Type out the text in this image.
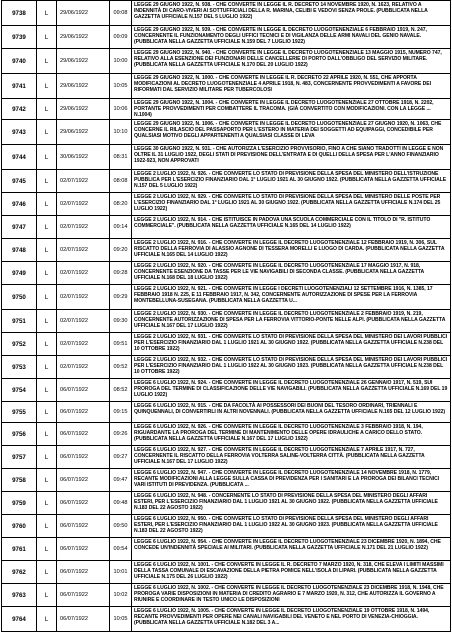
9738	L 29/06/1922	09:08
LEGGE 29 GIUGNO 1922, N. 938. - CHE CONVERTE IN LEGGE IL R. DECRETO 14 NOVEMBRE 1920, N. 1623, RELATIVO A INDENNITÀ DI CARO-VIVERI AI SOTTUFFICIALI DELLA R. MARINA, CELIBI E VEDOVI SENZA PROLE. (PUBBLICATA NELLA GAZZETTA UFFICIALE N.157 DEL 5 LUGLIO 1922)
9739	L 29/06/1922	09:09
LEGGE 29 GIUGNO 1922, N. 939. - CHE CONVERTE IN LEGGE IL DECRETO LUOGOTENENZIALE 6 FEBBRAIO 1919, N. 247, CONCERNENTE IL FUNZIONAMENTO DEGLI UFFICI TECNICI E DI VIGILANZA DELLE ARMI NAVALI DEL GENIO NAVALE. (PUBBLICATA NELLA GAZZETTA UFFICIALE N.159 DEL 7 LUGLIO 1922)
9740	L 29/06/1922	10:00
LEGGE 29 GIUGNO 1922, N. 940. - CHE CONVERTE IN LEGGE IL DECRETO LUOGOTENENZIALE 13 MAGGIO 1915, NUMERO 747, RELATIVO ALLA ESENZIONE DEI FUNZIONARI DELLE CANCELLERIE DI PORTO DALL'OBBLIGO DEL SERVIZIO MILITARE. (PUBBLICATA NELLA GAZZETTA UFFICIALE N.170 DEL 20 LUGLIO 1922)
9741	L 29/06/1922	10:05
LEGGE 29 GIUGNO 1922, N. 1000. - CHE CONVERTE IN LEGGE IL R. DECRETO 22 APRILE 1920, N. 551, CHE APPORTA MODIFICAZIONI AL DECRETO LUOGOTENENZIALE 4 APRILE 1918, N. 483, CONCERNENTE PROVVEDIMENTI A FAVORE DEI RIFORMATI DAL SERVIZIO MILITARE PER TUBERCOLOSI
9742	L 29/06/1922	10:06
LEGGE 29 GIUGNO 1922, N. 1004. - CHE CONVERTE IN LEGGE IL DECRETO LUOGOTENENZIALE 27 OTTOBRE 1918, N. 2202, PORTANTE PROVVEDIMENTI PER COMBATTERE IL TRACOMA. (GIÀ CONVERTITO CON MODIFICAZIONI. CON LA LEGGE ... N.1004)
9743	L 29/06/1922	10:10
LEGGE 29 GIUGNO 1922, N. 1006. - CHE CONVERTE IN LEGGE IL DECRETO LUOGOTENENZIALE 27 GIUGNO 1920, N. 1063, CHE CONCERNE IL RILASCIO DEL PASSAPORTO PER L'ESTERO IN MATERIA DEI SOGGETTI AD EQUIPAGGI, CONCEDIBILE PER QUALSIASI MOTIVO DEGLI APPARTENENTI A QUALSIASI CLASSE DI LEVA
9744	L 30/06/1922	08:31
LEGGE 30 GIUGNO 1922, N. 931. - CHE AUTORIZZA L'ESERCIZIO PROVVISORIO, FINO A CHE SIANO TRADOTTI IN LEGGE E NON OLTRE IL 31 LUGLIO 1922, DEGLI STATI DI PREVISIONE DELL'ENTRATA E DI QUELLI DELLA SPESA PER L'ANNO FINANZIARIO 1922-923, NON APPROVATI
9745	L 02/07/1922	08:08
LEGGE 2 LUGLIO 1922, N. 926. - CHE CONVERTE LO STATO DI PREVISIONE DELLA SPESA DEL MINISTERO DELL'ISTRUZIONE PUBBLICA PER L'ESERCIZIO FINANZIARIO DAL 1° LUGLIO 1921 AL 30 GIUGNO 1922. (PUBBLICATA NELLA GAZZETTA UFFICIALE N.157 DEL 5 LUGLIO 1922)
9746	L 02/07/1922	08:20
LEGGE 2 LUGLIO 1922, N. 929. - CHE CONVERTE LO STATO DI PREVISIONE DELLA SPESA DEL MINISTERO DELLE POSTE PER L'ESERCIZIO FINANZIARIO DAL 1° LUGLIO 1921 AL 30 GIUGNO 1922. (PUBBLICATA NELLA GAZZETTA UFFICIALE N.174 DEL 25 LUGLIO 1922)
9747	L 02/07/1922	09:14
LEGGE 2 LUGLIO 1922, N. 914. - CHE ISTITUISCE IN PADOVA UNA SCUOLA COMMERCIALE CON IL TITOLO DI "R. ISTITUTO COMMERCIALE". (PUBBLICATA NELLA GAZZETTA UFFICIALE N.165 DEL 14 LUGLIO 1922)
9748	L 02/07/1922	09:20
LEGGE 2 LUGLIO 1922, N. 916. - CHE CONVERTE IN LEGGE IL DECRETO LUOGOTENENZIALE 12 FEBBRAIO 1919, N. 306, SUL RISCATTO DELLA FERROVIA DI ALASSIO AGNONE DI TESSERA MORELLI E LUOGO DI CARDA. (PUBBLICATA NELLA GAZZETTA UFFICIALE N.165 DEL 14 LUGLIO 1922)
9749	L 02/07/1922	09:28
LEGGE 2 LUGLIO 1922, N. 920. - CHE CONVERTE IN LEGGE IL DECRETO LUOGOTENENZIALE 17 MAGGIO 1917, N. 918, CONCERNENTE ESENZIONE DA TASSE PER LE VIE NAVIGABILI DI SECONDA CLASSE. (PUBBLICATA NELLA GAZZETTA UFFICIALE N.168 DEL 18 LUGLIO 1922)
9750	L 02/07/1922	09:29
LEGGE 2 LUGLIO 1922, N. 921. - CHE CONVERTE IN LEGGE I DECRETI LUOGOTENENZIALI 12 SETTEMBRE 1916, N. 1385, 17 FEBBRAIO 1918 N. 225, E 11 FEBBRAIO 1917, N. 342, CONCERNENTE AUTORIZZAZIONE DI SPESE PER LA FERROVIA MONTEBELLUNA-SUSEGANA. (PUBBLICATA NELLA GAZZETTA U...
9751	L 02/07/1922	09:30
LEGGE 2 LUGLIO 1922, N. 930. - CHE CONVERTE IN LEGGE IL DECRETO LUOGOTENENZIALE 2 FEBBRAIO 1919, N. 219, CONCERNENTE AUTORIZZAZIONE DI SPESA PER LA FERROVIA VITTORIO-PONTE NELLE ALPI. (PUBBLICATA NELLA GAZZETTA UFFICIALE N.167 DEL 17 LUGLIO 1922)
9752	L 02/07/1922	09:51
LEGGE 2 LUGLIO 1922, N. 931. - CHE CONVERTE LO STATO DI PREVISIONE DELLA SPESA DEL MINISTERO DEI LAVORI PUBBLICI PER L'ESERCIZIO FINANZIARIO DAL 1 LUGLIO 1921 AL 30 GIUGNO 1922. (PUBBLICATA NELLA GAZZETTA UFFICIALE N.238 DEL 10 OTTOBRE 1922)
9753	L 02/07/1922	09:52
LEGGE 2 LUGLIO 1922, N. 932. - CHE CONVERTE LO STATO DI PREVISIONE DELLA SPESA DEL MINISTERO DEI LAVORI PUBBLICI PER L'ESERCIZIO FINANZIARIO DAL 1 LUGLIO 1922 AL 30 GIUGNO 1923. (PUBBLICATA NELLA GAZZETTA UFFICIALE N.238 DEL 10 OTTOBRE 1922)
9754	L 06/07/1922	08:52
LEGGE 6 LUGLIO 1922, N. 924. - CHE CONVERTE IN LEGGE IL DECRETO LUOGOTENENZIALE 26 GENNAIO 1917, N. 519, SUI PROROGA DEL TERMINE DI CLASSIFICAZIONE DELLE VIE NAVIGABILI. (PUBBLICATA NELLA GAZZETTA UFFICIALE N.169 DEL 19 LUGLIO 1922)
9755	L 06/07/1922	09:15
LEGGE 6 LUGLIO 1922, N. 915. - CHE DA FACOLTÀ AI POSSESSORI DEI BUONI DEL TESORO ORDINARI, TRIENNALI E QUINQUENNALI, DI CONVERTIRLI IN ALTRI NOVENNALI. (PUBBLICATA NELLA GAZZETTA UFFICIALE N.165 DEL 12 LUGLIO 1922)
9756	L 06/07/1922	09:26
LEGGE 6 LUGLIO 1922, N. 926. - CHE CONVERTE IN LEGGE IL DECRETO LUOGOTENENZIALE 3 FEBBRAIO 1918, N. 194, RIGUARDANTE LA PROROGA DEL TERMINE DI MANTENIMENTO DELLE OPERE IDRAULICHE A CARICO DELLO STATO. (PUBBLICATA NELLA GAZZETTA UFFICIALE N.167 DEL 17 LUGLIO 1922)
9757	L 06/07/1922	09:27
LEGGE 6 LUGLIO 1922, N. 927. - CHE CONVERTE IN LEGGE IL DECRETO LUOGOTENENZIALE 7 APRILE 1917, N. 727, CONCERNENTE IL RISCATTO DELLA FERROVIA VOLTERRA SALINE-VOLTERRA CITTÀ. (PUBBLICATA NELLA GAZZETTA UFFICIALE N.167 DEL 17 LUGLIO 1922)
9758	L 06/07/1922	09:47
LEGGE 6 LUGLIO 1922, N. 947. - CHE CONVERTE IN LEGGE IL DECRETO LUOGOTENENZIALE 14 NOVEMBRE 1918, N. 1779, RECANTE MODIFICAZIONI ALLA LEGGE SULLA CASSA DI PREVIDENZA PER I SANITARI E LA PROROGA DEI BILANCI TECNICI VARI ISTITUTI DI PREVIDENZA. (PUBBLICATA ...
9759	L 06/07/1922	09:48
LEGGE 6 LUGLIO 1922, N. 948. - CONCERNENTE LO STATO DI PREVISIONE DELLA SPESA DEL MINISTERO DEGLI AFFARI ESTERI, PER L'ESERCIZIO FINANZIARIO DAL 1 LUGLIO 1921 AL 30 GIUGNO 1922. (PUBBLICATA NELLA GAZZETTA UFFICIALE N.183 DEL 22 AGOSTO 1922)
9760	L 06/07/1922	09:50
LEGGE 6 LUGLIO 1922, N. 950. - CHE CONVERTE LO STATO DI PREVISIONE DELLA SPESA DEL MINISTERO DEGLI AFFARI ESTERI, PER L'ESERCIZIO FINANZIARIO DAL 1 LUGLIO 1922 AL 30 GIUGNO 1923. (PUBBLICATA NELLA GAZZETTA UFFICIALE N.183 DEL 22 AGOSTO 1922)
9761	L 06/07/1922	09:54
LEGGE 6 LUGLIO 1922, N. 954. - CHE CONVERTE IN LEGGE IL DECRETO LUOGOTENENZIALE 23 DICEMBRE 1920, N. 1894, CHE CONCEDE UN'INDENNITÀ SPECIALE AI MILITARI. (PUBBLICATA NELLA GAZZETTA UFFICIALE N.171 DEL 21 LUGLIO 1922)
9762	L 06/07/1922	10:01
LEGGE 6 LUGLIO 1922, N. 1001. - CHE CONVERTE IN LEGGE IL R. DECRETO 7 MARZO 1920, N. 318, CHE ELEVA I LIMITI MASSIMI DELLA TASSA COMUNALE DI ESCAVAZIONE DELLA PIETRA POMICE NELL'ISOLA DI LIPARI. (PUBBLICATA NELLA GAZZETTA UFFICIALE N.175 DEL 26 LUGLIO 1922)
9763	L 06/07/1922	10:02
LEGGE 6 LUGLIO 1922, N. 1002. - CHE CONVERTE IN LEGGE IL DECRETO LUOGOTENENZIALE 23 DICEMBRE 1918, N. 1948, CHE PROROGA VARIE DISPOSIZIONI IN MATERIA DI CREDITO AGRARIO E 7 MARZO 1920, N. 312, CHE AUTORIZZA IL GOVERNO A RIUNIRE E COORDINARE IN TESTO UNICO LE DISPOSIZIONI
9764	L 06/07/1922	10:05
LEGGE 6 LUGLIO 1922, N. 1005. - CHE CONVERTE IN LEGGE IL DECRETO LUOGOTENENZIALE 19 OTTOBRE 1918, N. 1494, RECANTE PROVVEDIMENTI PER OPERE NEI CANALI NAVIGABILI DEL VENETO E NEL PORTO DI VENEZIA-CHIOGGIA. (PUBBLICATA NELLA GAZZETTA UFFICIALE N.182 DEL 3 A...
